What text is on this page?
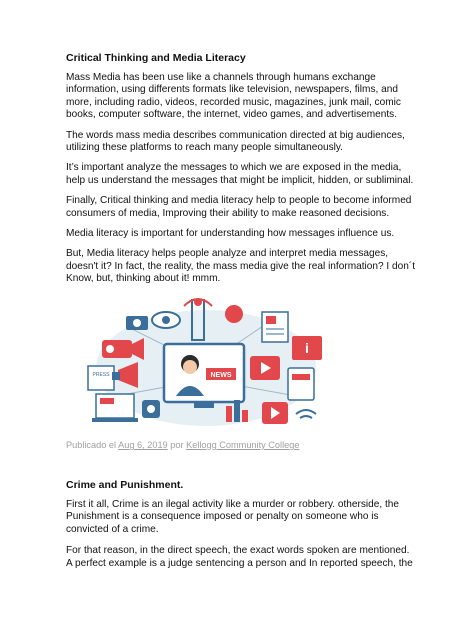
Critical Thinking and Media Literacy

Mass Media has been use like a channels through humans exchange information, using differents formats like television, newspapers, films, and more, including radio, videos, recorded music, magazines, junk mail, comic books, computer software, the internet, video games, and advertisements.

The words mass media describes communication directed at big audiences, utilizing these platforms to reach many people simultaneously.

It’s important analyze the messages to which we are exposed in the media, help us understand the messages that might be implicit, hidden, or subliminal.

Finally, Critical thinking and media literacy help to people to become informed consumers of media, Improving their ability to make reasoned decisions.

Media literacy is important for understanding how messages influence us.

But, Media literacy helps people analyze and interpret media messages, doesn't it? In fact, the reality, the mass media give the real information? I don´t Know, but, thinking about it! mmm.

i
PRESS	NEWS
Publicado el Aug 6, 2019 por Kellogg Community College
Crime and Punishment.

First it all, Crime is an ilegal activity like a murder or robbery. otherside, the Punishment is a consequence imposed or penalty on someone who is convicted of a crime.

For that reason, in the direct speech, the exact words spoken are mentioned. A perfect example is a judge sentencing a person and In reported speech, the
